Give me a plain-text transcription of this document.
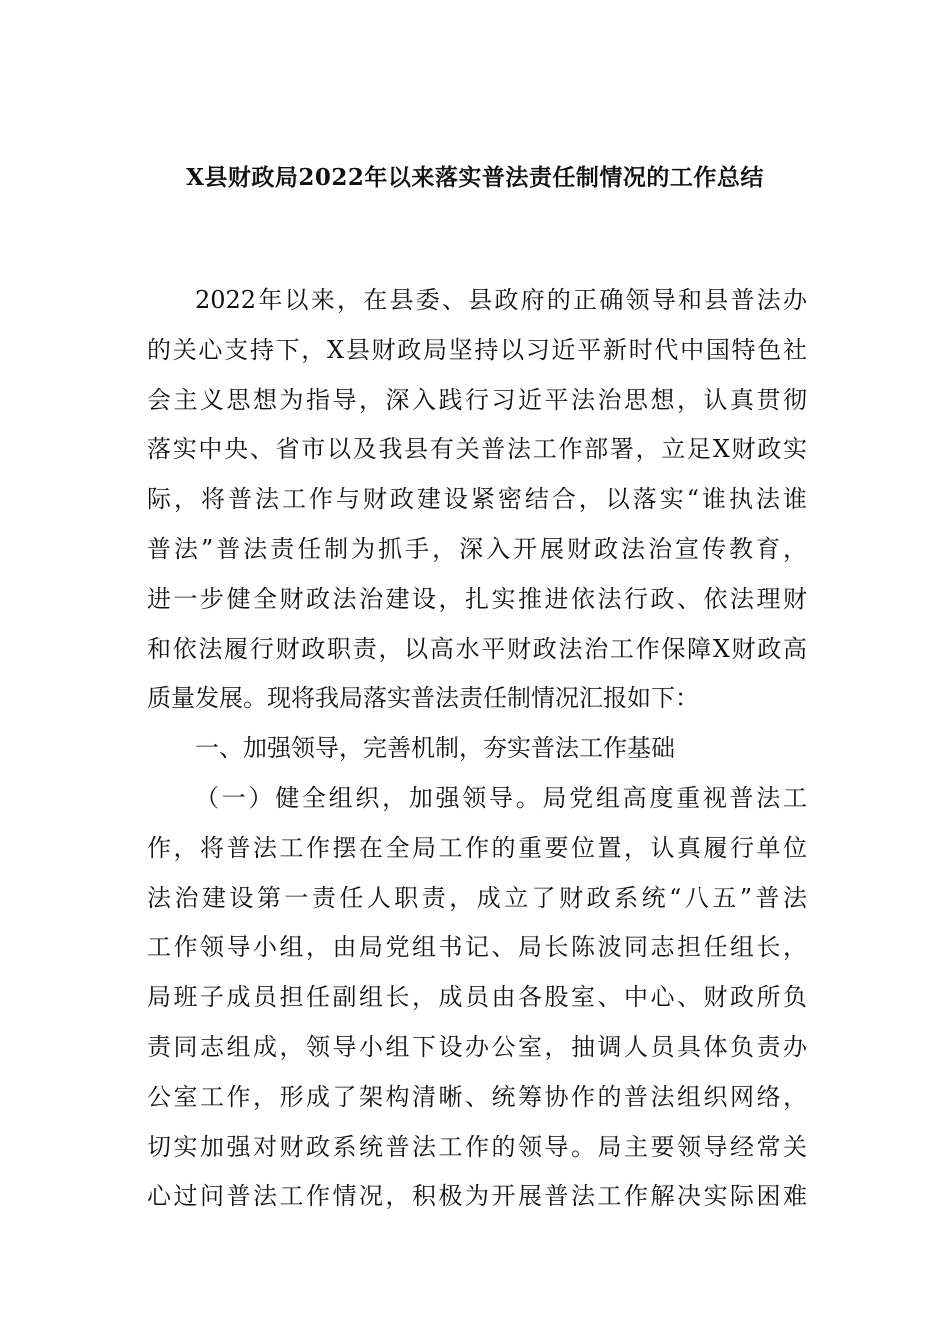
X县财政局2022年以来落实普法责任制情况的工作总结
2022年以来，在县委、县政府的正确领导和县普法办
的关心支持下，X县财政局坚持以习近平新时代中国特色社
会主义思想为指导，深入践行习近平法治思想，认真贯彻
落实中央、省市以及我县有关普法工作部署，立足X财政实
际，将普法工作与财政建设紧密结合，以落实“谁执法谁
普法”普法责任制为抓手，深入开展财政法治宣传教育，
进一步健全财政法治建设，扎实推进依法行政、依法理财
和依法履行财政职责，以高水平财政法治工作保障X财政高
质量发展。现将我局落实普法责任制情况汇报如下：
一、加强领导，完善机制，夯实普法工作基础
（一）健全组织，加强领导。局党组高度重视普法工
作，将普法工作摆在全局工作的重要位置，认真履行单位
法治建设第一责任人职责，成立了财政系统“八五”普法
工作领导小组，由局党组书记、局长陈波同志担任组长，
局班子成员担任副组长，成员由各股室、中心、财政所负
责同志组成，领导小组下设办公室，抽调人员具体负责办
公室工作，形成了架构清晰、统筹协作的普法组织网络，
切实加强对财政系统普法工作的领导。局主要领导经常关
心过问普法工作情况，积极为开展普法工作解决实际困难
